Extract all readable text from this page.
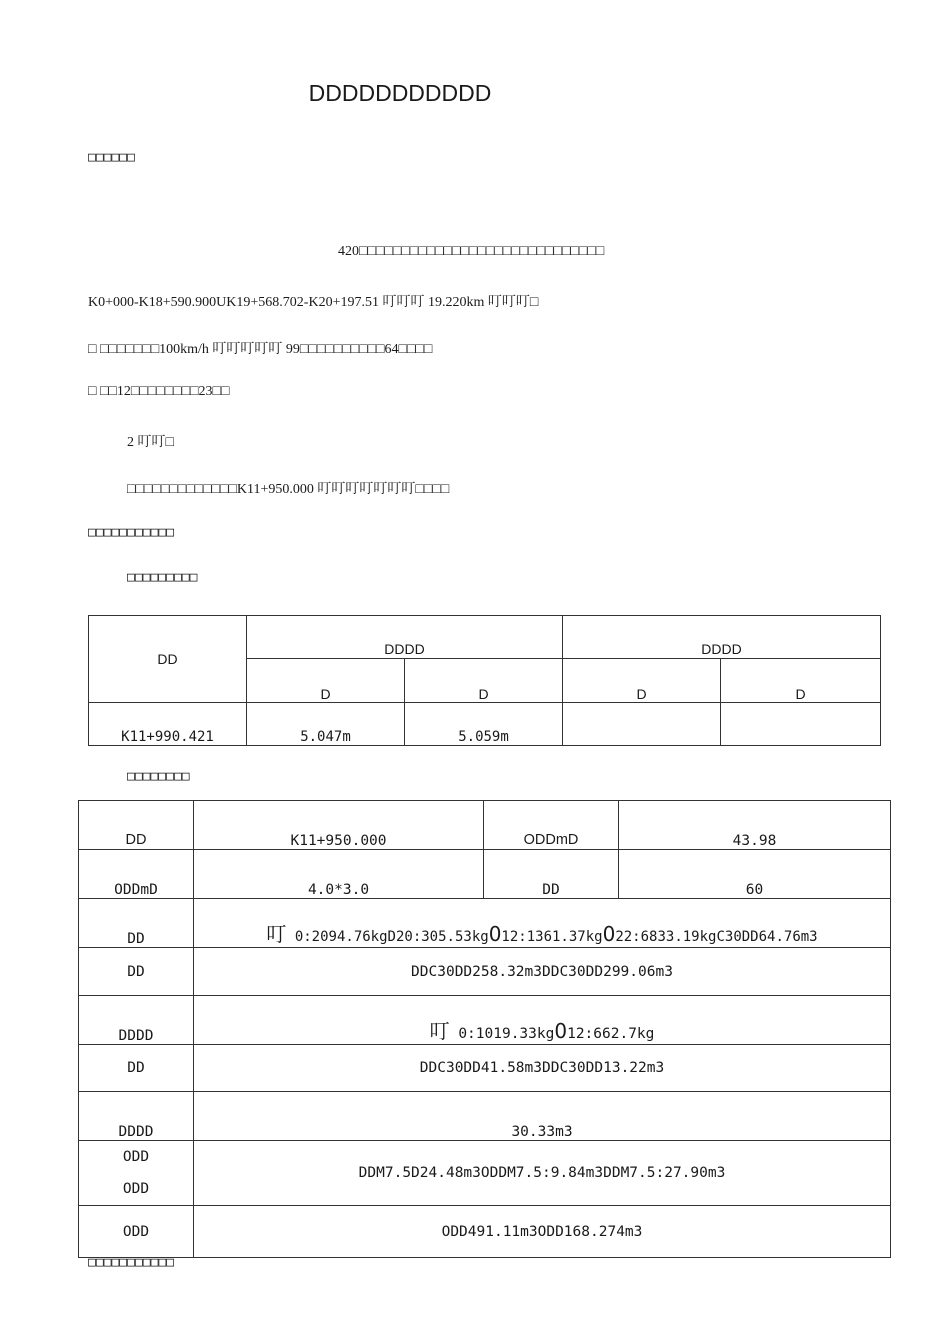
DDDDDDDDDDD
□□□□□□
420□□□□□□□□□□□□□□□□□□□□□□□□□□□□□
K0+000-K18+590.900UK19+568.702-K20+197.51 叮叮叮 19.220km 叮叮叮□
□ □□□□□□□100km/h 叮叮叮叮叮 99□□□□□□□□□□64□□□□
□ □□12□□□□□□□□23□□
2 叮叮□
□□□□□□□□□□□□□K11+950.000 叮叮叮叮叮叮叮□□□□
□□□□□□□□□□□
□□□□□□□□□
DD	DDDD		DDDD	
	D	D	D	D
K11+990.421	5.047m	5.059m		
□□□□□□□□
DD	K11+950.000	ODDmD	43.98
ODDmD	4.0*3.0	DD	60
DD	叮 0:2094.76kgD20:305.53kg012:1361.37kg022:6833.19kgC30DD64.76m3		
DD	DDC30DD258.32m3DDC30DD299.06m3		
DDDD	叮 0:1019.33kg012:662.7kg		
DD	DDC30DD41.58m3DDC30DD13.22m3		
DDDD	30.33m3		

ODD
ODD	DDM7.5D24.48m3ODDM7.5:9.84m3DDM7.5:27.90m3		
ODD	ODD491.11m3ODD168.274m3		
□□□□□□□□□□□
